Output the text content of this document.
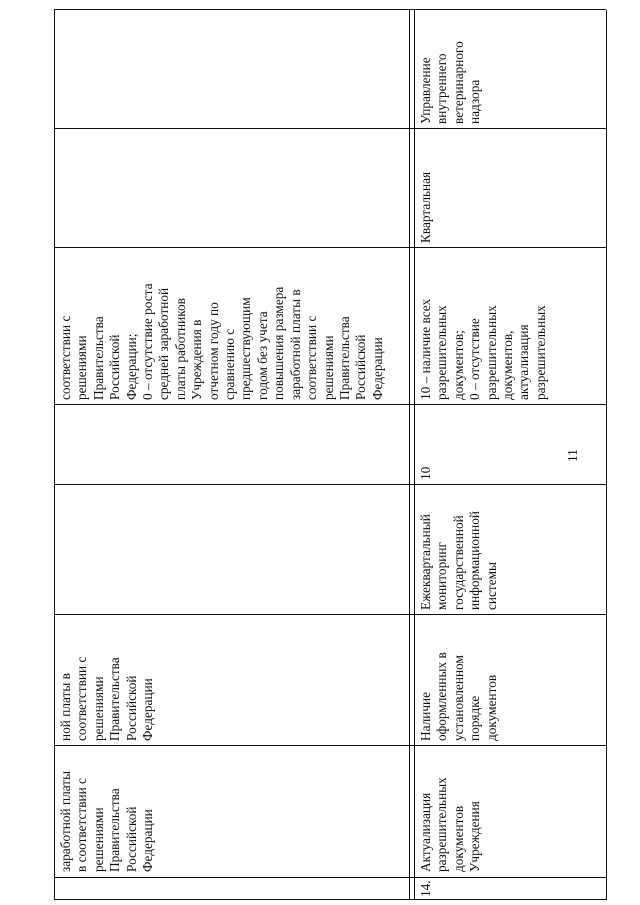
заработной платы
в соответствии с
решениями
Правительства
Российской
Федерации
ной платы в
соответствии с
решениями
Правительства
Российской
Федерации
соответствии с
решениями
Правительства
Российской
Федерации;
0 – отсутствие роста
средней заработной
платы работников
Учреждения в
отчетном году по
сравнению с
предшествующим
годом без учета
повышения размера
заработной платы в
соответствии с
решениями
Правительства
Российской
Федерации
14.
Актуализация
разрешительных
документов
Учреждения
Наличие
оформленных в
установленном
порядке
документов
Ежеквартальный
мониторинг
государственной
информационной
системы
10
10 – наличие всех
разрешительных
документов;
0 – отсутствие
разрешительных
документов,
актуализация
разрешительных
Квартальная
Управление
внутреннего
ветеринарного
надзора
11
